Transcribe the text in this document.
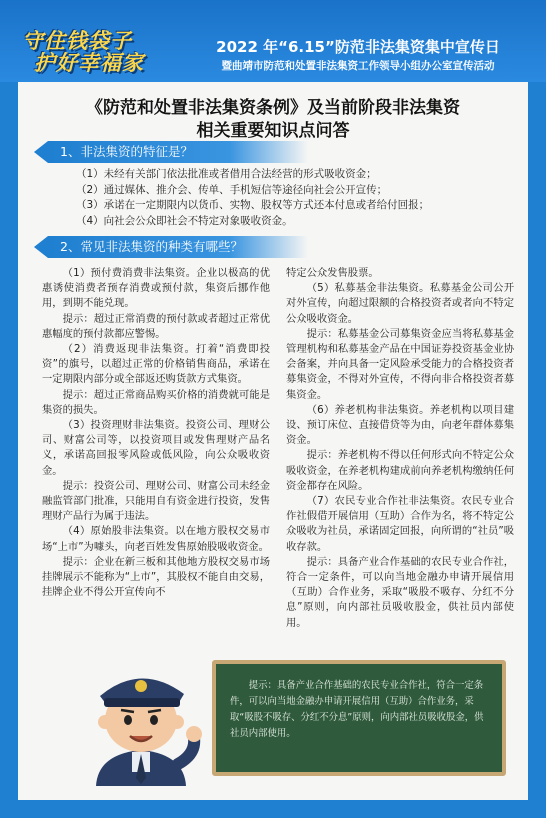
守住钱袋子
护好幸福家
2022 年“6.15”防范非法集资集中宣传日
暨曲靖市防范和处置非法集资工作领导小组办公室宣传活动
《防范和处置非法集资条例》及当前阶段非法集资
相关重要知识点问答
1、非法集资的特征是？
（1）未经有关部门依法批准或者借用合法经营的形式吸收资金；
（2）通过媒体、推介会、传单、手机短信等途径向社会公开宣传；
（3）承诺在一定期限内以货币、实物、股权等方式还本付息或者给付回报；
（4）向社会公众即社会不特定对象吸收资金。
2、常见非法集资的种类有哪些？

（1）预付费消费非法集资。企业以极高的优惠诱使消费者预存消费或预付款，集资后挪作他用，到期不能兑现。

提示：超过正常消费的预付款或者超过正常优惠幅度的预付款都应警惕。

（2）消费返现非法集资。打着“消费即投资”的旗号，以超过正常的价格销售商品，承诺在一定期限内部分或全部返还购货款方式集资。

提示：超过正常商品购买价格的消费就可能是集资的损失。

（3）投资理财非法集资。投资公司、理财公司、财富公司等，以投资项目或发售理财产品名义，承诺高回报零风险或低风险，向公众吸收资金。

提示：投资公司、理财公司、财富公司未经金融监管部门批准，只能用自有资金进行投资，发售理财产品行为属于违法。

（4）原始股非法集资。以在地方股权交易市场“上市”为噱头，向老百姓发售原始股吸收资金。

提示：企业在新三板和其他地方股权交易市场挂牌展示不能称为“上市”，其股权不能自由交易，挂牌企业不得公开宣传向不

特定公众发售股票。

（5）私募基金非法集资。私募基金公司公开对外宣传，向超过限额的合格投资者或者向不特定公众吸收资金。

提示：私募基金公司募集资金应当将私募基金管理机构和私募基金产品在中国证券投资基金业协会备案，并向具备一定风险承受能力的合格投资者募集资金，不得对外宣传，不得向非合格投资者募集资金。

（6）养老机构非法集资。养老机构以项目建设、预订床位、直接借贷等为由，向老年群体募集资金。

提示：养老机构不得以任何形式向不特定公众吸收资金，在养老机构建成前向养老机构缴纳任何资金都存在风险。

（7）农民专业合作社非法集资。农民专业合作社假借开展信用（互助）合作为名，将不特定公众吸收为社员，承诺固定回报，向所谓的“社员”吸收存款。

提示：具备产业合作基础的农民专业合作社，符合一定条件，可以向当地金融办申请开展信用（互助）合作业务，采取“吸股不吸存、分红不分息”原则，向内部社员吸收股金，供社员内部使用。

提示：具备产业合作基础的农民专业合作社，符合一定条件，可以向当地金融办申请开展信用（互助）合作业务，采取“吸股不吸存、分红不分息”原则，向内部社员吸收股金，供社员内部使用。
